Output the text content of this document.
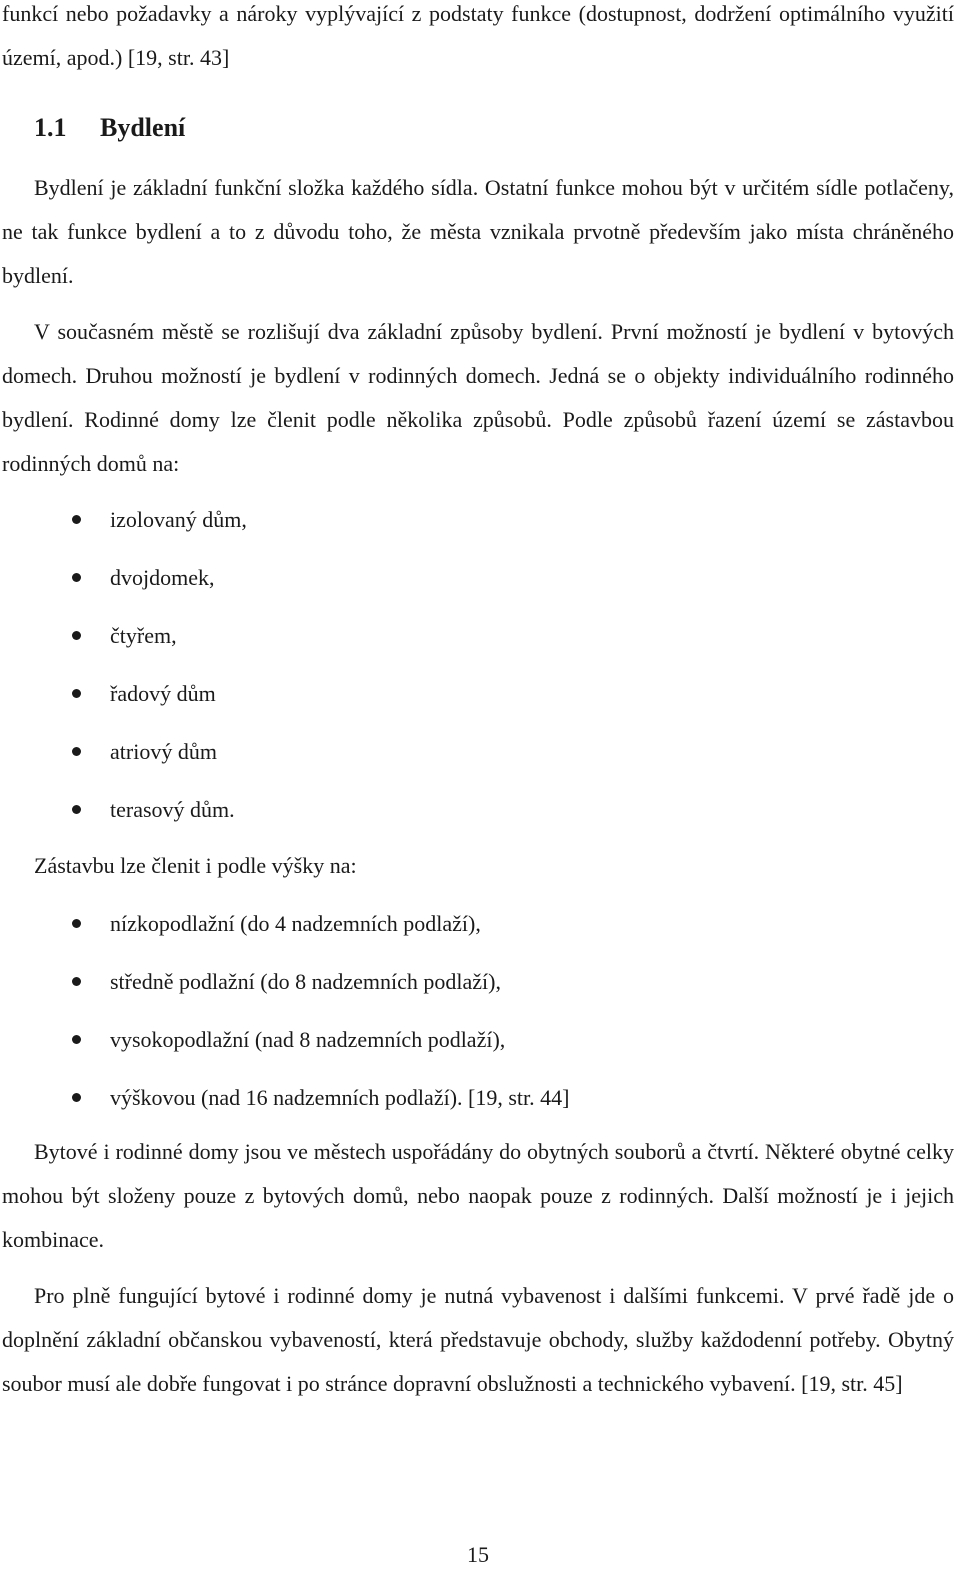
funkcí nebo požadavky a nároky vyplývající z podstaty funkce (dostupnost, dodržení optimálního využití území, apod.) [19, str. 43]

1.1 Bydlení

Bydlení je základní funkční složka každého sídla. Ostatní funkce mohou být v určitém sídle potlačeny, ne tak funkce bydlení a to z důvodu toho, že města vznikala prvotně především jako místa chráněného bydlení.

V současném městě se rozlišují dva základní způsoby bydlení. První možností je bydlení v bytových domech. Druhou možností je bydlení v rodinných domech. Jedná se o objekty individuálního rodinného bydlení. Rodinné domy lze členit podle několika způsobů. Podle způsobů řazení území se zástavbou rodinných domů na:

izolovaný dům,
dvojdomek,
čtyřem,
řadový dům
atriový dům
terasový dům.

Zástavbu lze členit i podle výšky na:

nízkopodlažní (do 4 nadzemních podlaží),
středně podlažní (do 8 nadzemních podlaží),
vysokopodlažní (nad 8 nadzemních podlaží),
výškovou (nad 16 nadzemních podlaží). [19, str. 44]

Bytové i rodinné domy jsou ve městech uspořádány do obytných souborů a čtvrtí. Některé obytné celky mohou být složeny pouze z bytových domů, nebo naopak pouze z rodinných. Další možností je i jejich kombinace.

Pro plně fungující bytové i rodinné domy je nutná vybavenost i dalšími funkcemi. V prvé řadě jde o doplnění základní občanskou vybaveností, která představuje obchody, služby každodenní potřeby. Obytný soubor musí ale dobře fungovat i po stránce dopravní obslužnosti a technického vybavení. [19, str. 45]

15
